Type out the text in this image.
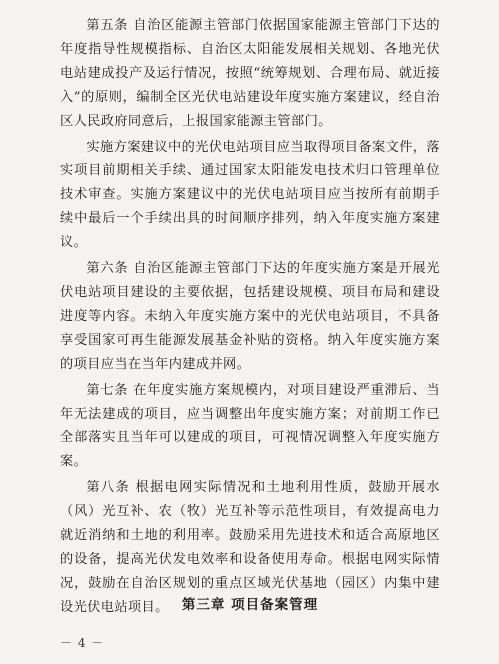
第五条 自治区能源主管部门依据国家能源主管部门下达的年度指导性规模指标、自治区太阳能发展相关规划、各地光伏电站建成投产及运行情况，按照“统筹规划、合理布局、就近接入”的原则，编制全区光伏电站建设年度实施方案建议，经自治区人民政府同意后，上报国家能源主管部门。

实施方案建议中的光伏电站项目应当取得项目备案文件，落实项目前期相关手续、通过国家太阳能发电技术归口管理单位技术审查。实施方案建议中的光伏电站项目应当按所有前期手续中最后一个手续出具的时间顺序排列，纳入年度实施方案建议。

第六条 自治区能源主管部门下达的年度实施方案是开展光伏电站项目建设的主要依据，包括建设规模、项目布局和建设进度等内容。未纳入年度实施方案中的光伏电站项目，不具备享受国家可再生能源发展基金补贴的资格。纳入年度实施方案的项目应当在当年内建成并网。

第七条 在年度实施方案规模内，对项目建设严重滞后、当年无法建成的项目，应当调整出年度实施方案；对前期工作已全部落实且当年可以建成的项目，可视情况调整入年度实施方案。

第八条 根据电网实际情况和土地利用性质，鼓励开展水（风）光互补、农（牧）光互补等示范性项目，有效提高电力就近消纳和土地的利用率。鼓励采用先进技术和适合高原地区的设备，提高光伏发电效率和设备使用寿命。根据电网实际情况，鼓励在自治区规划的重点区域光伏基地（园区）内集中建设光伏电站项目。 第三章 项目备案管理
－ 4 －
